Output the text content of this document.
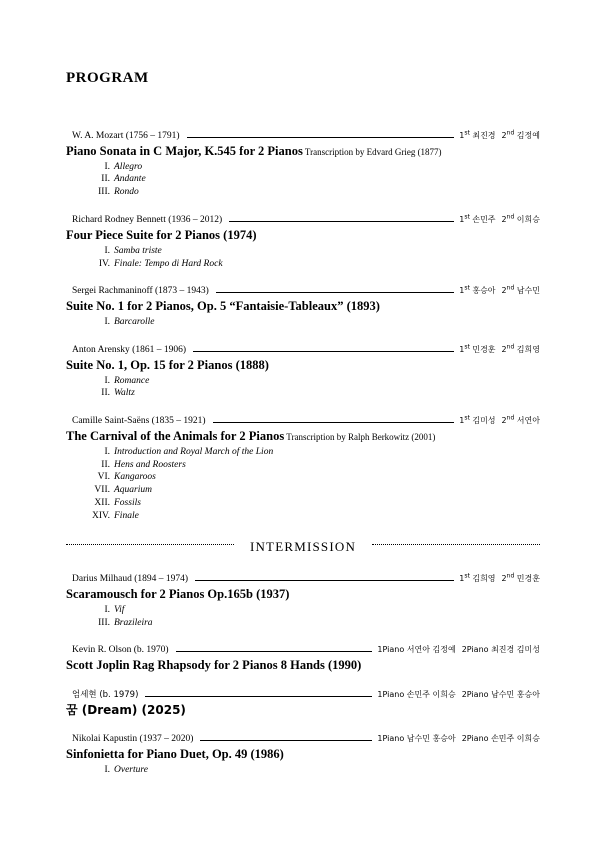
PROGRAM
W. A. Mozart (1756 – 1791)	1st 최진경 2nd 김정예
Piano Sonata in C Major, K.545 for 2 Pianos Transcription by Edvard Grieg (1877)
I. Allegro
II. Andante
III. Rondo
Richard Rodney Bennett (1936 – 2012)	1st 손민주 2nd 이희승
Four Piece Suite for 2 Pianos (1974)
I. Samba triste
IV. Finale: Tempo di Hard Rock
Sergei Rachmaninoff (1873 – 1943)	1st 홍승아 2nd 남수민
Suite No. 1 for 2 Pianos, Op. 5 “Fantaisie-Tableaux” (1893)
I. Barcarolle
Anton Arensky (1861 – 1906)	1st 민경훈 2nd 김희영
Suite No. 1, Op. 15 for 2 Pianos (1888)
I. Romance
II. Waltz
Camille Saint-Saëns (1835 – 1921)	1st 김미성 2nd 서연아
The Carnival of the Animals for 2 Pianos Transcription by Ralph Berkowitz (2001)
I. Introduction and Royal March of the Lion
II. Hens and Roosters
VI. Kangaroos
VII. Aquarium
XII. Fossils
XIV. Finale
INTERMISSION
Darius Milhaud (1894 – 1974)	1st 김희영 2nd 민경훈
Scaramousch for 2 Pianos Op.165b (1937)
I. Vif
III. Brazileira
Kevin R. Olson (b. 1970)	1Piano 서연아 김정예 2Piano 최진경 김미성
Scott Joplin Rag Rhapsody for 2 Pianos 8 Hands (1990)
엄세현 (b. 1979)	1Piano 손민주 이희승 2Piano 남수민 홍승아
꿈 (Dream) (2025)
Nikolai Kapustin (1937 – 2020)	1Piano 남수민 홍승아 2Piano 손민주 이희승
Sinfonietta for Piano Duet, Op. 49 (1986)
I. Overture
